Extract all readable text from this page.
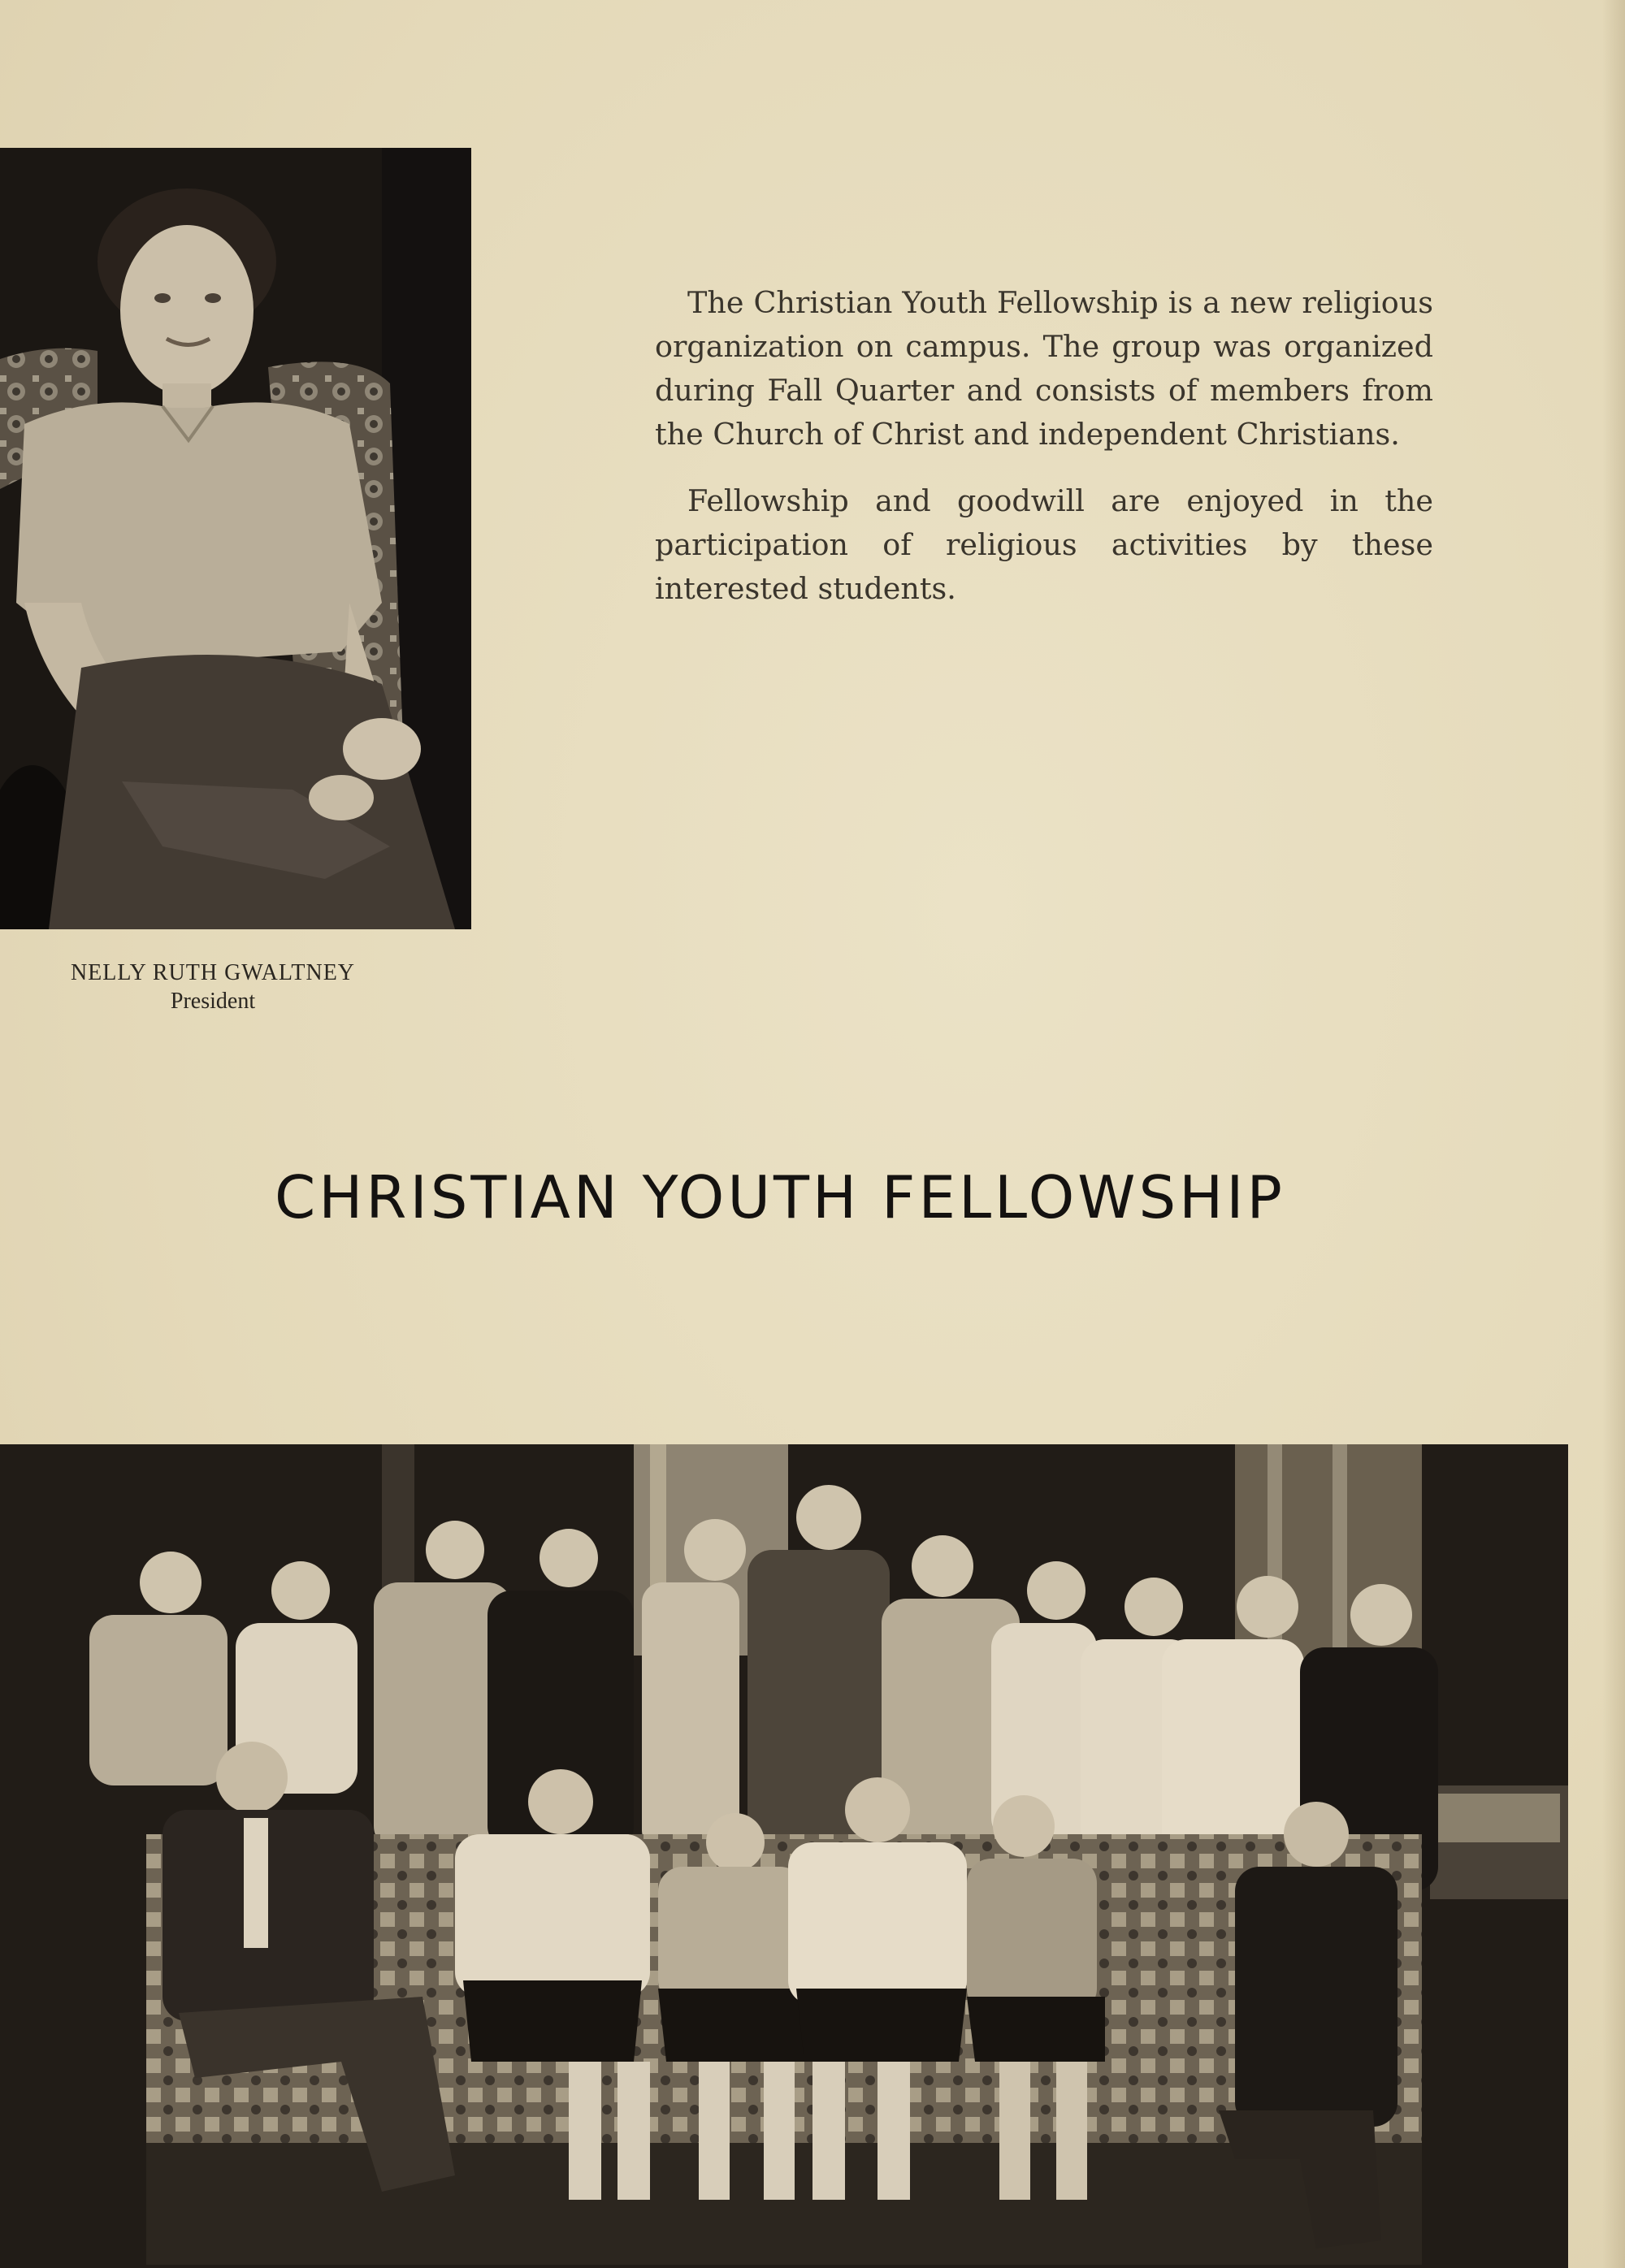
NELLY RUTH GWALTNEY
President

The Christian Youth Fellowship is a new religious organization on campus. The group was organized during Fall Quarter and consists of members from the Church of Christ and independent Christians.

Fellowship and goodwill are enjoyed in the participation of religious activities by these interested students.

CHRISTIAN YOUTH FELLOWSHIP
